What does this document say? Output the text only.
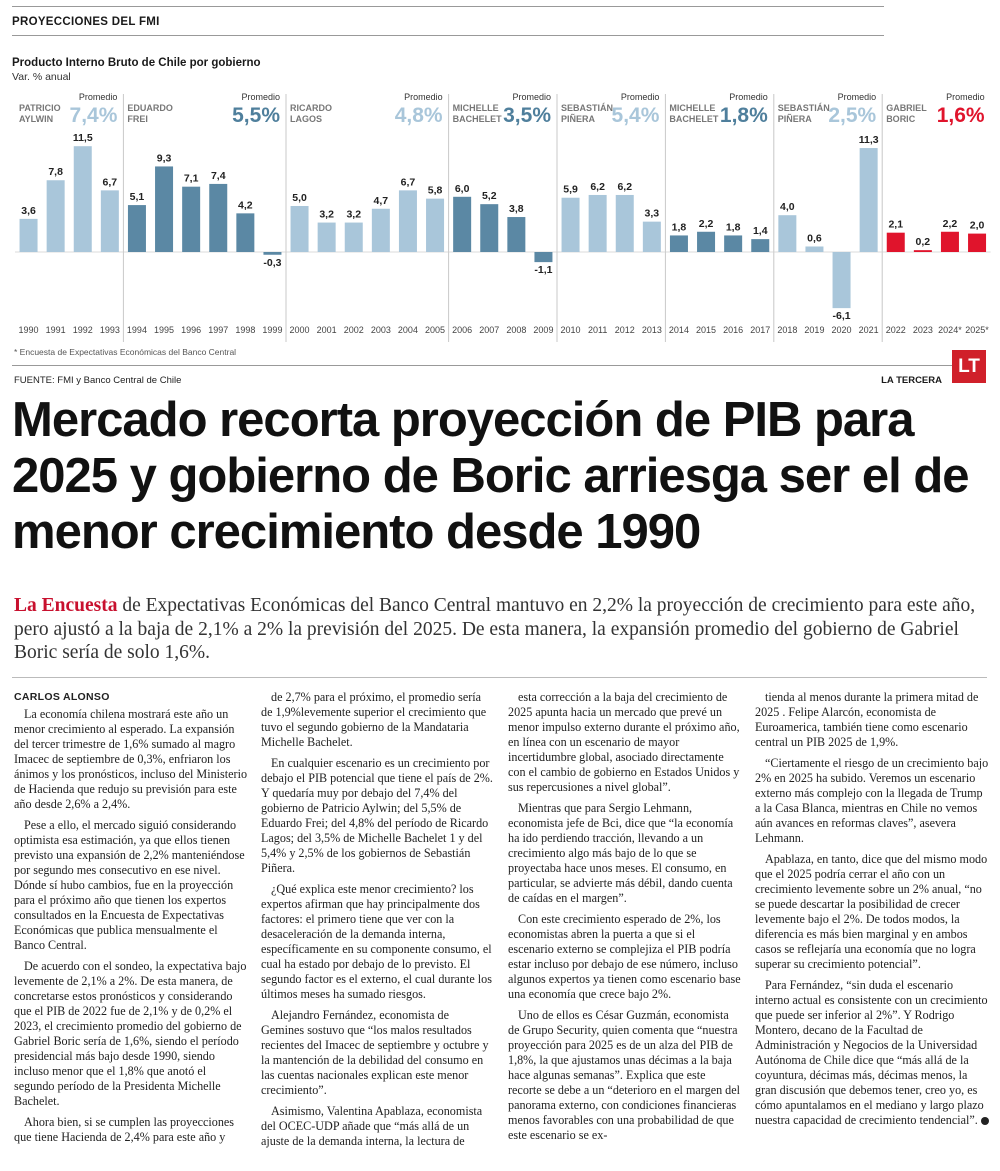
PROYECCIONES DEL FMI
Producto Interno Bruto de Chile por gobierno
Var. % anual
3,6
1990
7,8
1991
11,5
1992
6,7
1993
5,1
1994
9,3
1995
7,1
1996
7,4
1997
4,2
1998
-0,3
1999
5,0
2000
3,2
2001
3,2
2002
4,7
2003
6,7
2004
5,8
2005
6,0
2006
5,2
2007
3,8
2008
-1,1
2009
5,9
2010
6,2
2011
6,2
2012
3,3
2013
1,8
2014
2,2
2015
1,8
2016
1,4
2017
4,0
2018
0,6
2019
-6,1
2020
11,3
2021
2,1
2022
0,2
2023
2,2
2024*
2,0
2025*
PATRICIO
AYLWIN
Promedio
7,4% EDUARDO
FREI
Promedio
5,5% RICARDO
LAGOS
Promedio
4,8% MICHELLE
BACHELET
Promedio
3,5% SEBASTIÁN
PIÑERA
Promedio
5,4% MICHELLE
BACHELET
Promedio
1,8% SEBASTIÁN
PIÑERA
Promedio
2,5% GABRIEL
BORIC
Promedio
1,6%
* Encuesta de Expectativas Económicas del Banco Central
FUENTE: FMI y Banco Central de Chile	LA TERCERA
LT
Mercado recorta proyección de PIB para 2025 y gobierno de Boric arriesga ser el de menor crecimiento desde 1990
La Encuesta de Expectativas Económicas del Banco Central mantuvo en 2,2% la proyección de crecimiento para este año, pero ajustó a la baja de 2,1% a 2% la previsión del 2025. De esta manera, la expansión promedio del gobierno de Gabriel Boric sería de solo 1,6%.
CARLOS ALONSO

La economía chilena mostrará este año un menor crecimiento al esperado. La expansión del tercer trimestre de 1,6% sumado al magro Imacec de septiembre de 0,3%, enfriaron los ánimos y los pronósticos, incluso del Ministerio de Hacienda que redujo su previsión para este año desde 2,6% a 2,4%.

Pese a ello, el mercado siguió considerando optimista esa estimación, ya que ellos tienen previsto una expansión de 2,2% manteniéndose por segundo mes consecutivo en ese nivel. Dónde sí hubo cambios, fue en la proyección para el próximo año que tienen los expertos consultados en la Encuesta de Expectativas Económicas que publica mensualmente el Banco Central.

De acuerdo con el sondeo, la expectativa bajo levemente de 2,1% a 2%. De esta manera, de concretarse estos pronósticos y considerando que el PIB de 2022 fue de 2,1% y de 0,2% el 2023, el crecimiento promedio del gobierno de Gabriel Boric sería de 1,6%, siendo el período presidencial más bajo desde 1990, siendo incluso menor que el 1,8% que anotó el segundo período de la Presidenta Michelle Bachelet.

Ahora bien, si se cumplen las proyecciones que tiene Hacienda de 2,4% para este año y

de 2,7% para el próximo, el promedio sería de 1,9%levemente superior el crecimiento que tuvo el segundo gobierno de la Mandataria Michelle Bachelet.

En cualquier escenario es un crecimiento por debajo el PIB potencial que tiene el país de 2%. Y quedaría muy por debajo del 7,4% del gobierno de Patricio Aylwin; del 5,5% de Eduardo Frei; del 4,8% del período de Ricardo Lagos; del 3,5% de Michelle Bachelet 1 y del 5,4% y 2,5% de los gobiernos de Sebastián Piñera.

¿Qué explica este menor crecimiento? los expertos afirman que hay principalmente dos factores: el primero tiene que ver con la desaceleración de la demanda interna, específicamente en su componente consumo, el cual ha estado por debajo de lo previsto. El segundo factor es el externo, el cual durante los últimos meses ha sumado riesgos.

Alejandro Fernández, economista de Gemines sostuvo que “los malos resultados recientes del Imacec de septiembre y octubre y la mantención de la debilidad del consumo en las cuentas nacionales explican este menor crecimiento”.

Asimismo, Valentina Apablaza, economista del OCEC-UDP añade que “más allá de un ajuste de la demanda interna, la lectura de

esta corrección a la baja del crecimiento de 2025 apunta hacia un mercado que prevé un menor impulso externo durante el próximo año, en línea con un escenario de mayor incertidumbre global, asociado directamente con el cambio de gobierno en Estados Unidos y sus repercusiones a nivel global”.

Mientras que para Sergio Lehmann, economista jefe de Bci, dice que “la economía ha ido perdiendo tracción, llevando a un crecimiento algo más bajo de lo que se proyectaba hace unos meses. El consumo, en particular, se advierte más débil, dando cuenta de caídas en el margen”.

Con este crecimiento esperado de 2%, los economistas abren la puerta a que si el escenario externo se complejiza el PIB podría estar incluso por debajo de ese número, incluso algunos expertos ya tienen como escenario base una economía que crece bajo 2%.

Uno de ellos es César Guzmán, economista de Grupo Security, quien comenta que “nuestra proyección para 2025 es de un alza del PIB de 1,8%, la que ajustamos unas décimas a la baja hace algunas semanas”. Explica que este recorte se debe a un “deterioro en el margen del panorama externo, con condiciones financieras menos favorables con una probabilidad de que este escenario se ex-

tienda al menos durante la primera mitad de 2025 . Felipe Alarcón, economista de Euroamerica, también tiene como escenario central un PIB 2025 de 1,9%.

“Ciertamente el riesgo de un crecimiento bajo 2% en 2025 ha subido. Veremos un escenario externo más complejo con la llegada de Trump a la Casa Blanca, mientras en Chile no vemos aún avances en reformas claves”, asevera Lehmann.

Apablaza, en tanto, dice que del mismo modo que el 2025 podría cerrar el año con un crecimiento levemente sobre un 2% anual, “no se puede descartar la posibilidad de crecer levemente bajo el 2%. De todos modos, la diferencia es más bien marginal y en ambos casos se reflejaría una economía que no logra superar su crecimiento potencial”.

Para Fernández, “sin duda el escenario interno actual es consistente con un crecimiento que puede ser inferior al 2%”. Y Rodrigo Montero, decano de la Facultad de Administración y Negocios de la Universidad Autónoma de Chile dice que “más allá de la coyuntura, décimas más, décimas menos, la gran discusión que debemos tener, creo yo, es cómo apuntalamos en el mediano y largo plazo nuestra capacidad de crecimiento tendencial”.
